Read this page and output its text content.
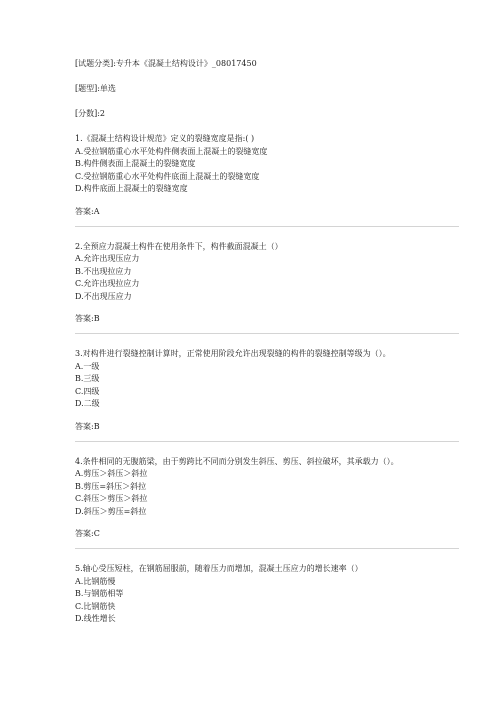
[试题分类]:专升本《混凝土结构设计》_08017450
[题型]:单选
[分数]:2
1.《混凝土结构设计规范》定义的裂缝宽度是指:( )
A.受拉钢筋重心水平处构件侧表面上混凝土的裂缝宽度
B.构件侧表面上混凝土的裂缝宽度
C.受拉钢筋重心水平处构件底面上混凝土的裂缝宽度
D.构件底面上混凝土的裂缝宽度
答案:A
2.全预应力混凝土构件在使用条件下，构件截面混凝土（）
A.允许出现压应力
B.不出现拉应力
C.允许出现拉应力
D.不出现压应力
答案:B
3.对构件进行裂缝控制计算时，正常使用阶段允许出现裂缝的构件的裂缝控制等级为（）。
A.一级
B.三级
C.四级
D.二级
答案:B
4.条件相同的无腹筋梁，由于剪跨比不同而分别发生斜压、剪压、斜拉破坏，其承载力（）。
A.剪压＞斜压＞斜拉
B.剪压=斜压＞斜拉
C.斜压＞剪压＞斜拉
D.斜压＞剪压=斜拉
答案:C
5.轴心受压短柱，在钢筋屈服前，随着压力而增加，混凝土压应力的增长速率（）
A.比钢筋慢
B.与钢筋相等
C.比钢筋快
D.线性增长
